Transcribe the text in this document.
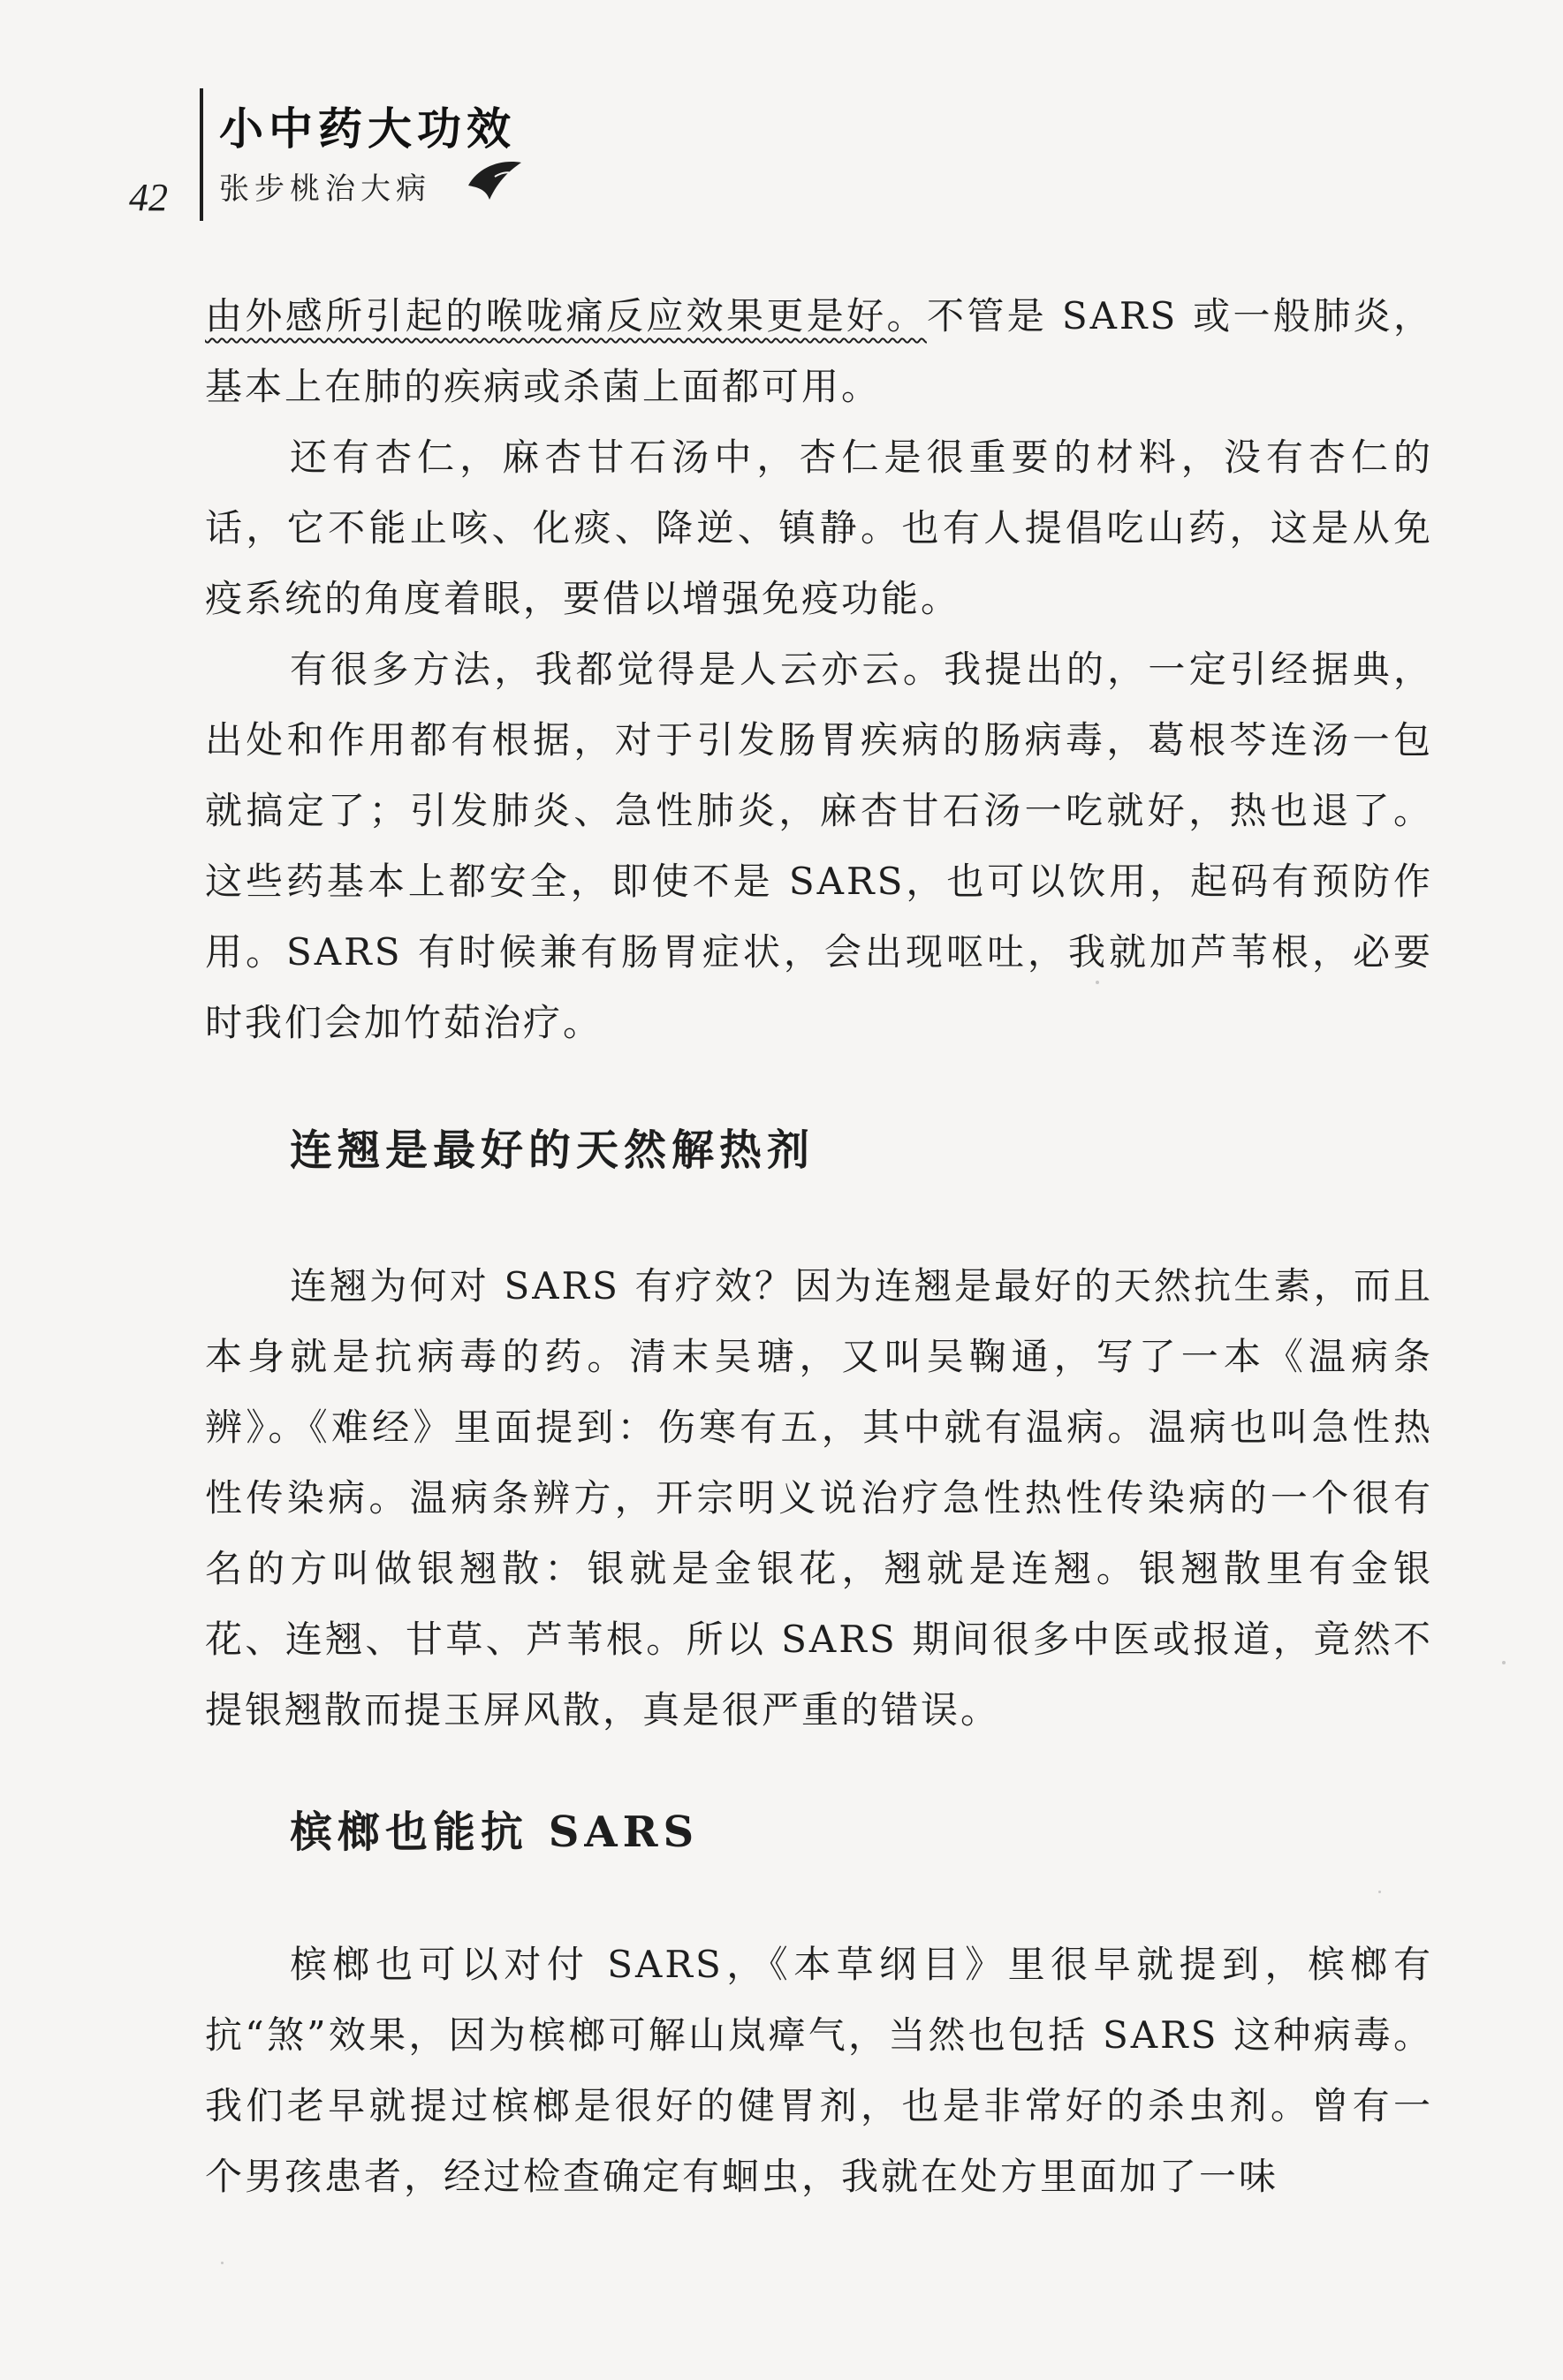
42
小中药大功效
张步桃治大病

由外感所引起的喉咙痛反应效果更是好。不管是 SARS 或一般肺炎，基本上在肺的疾病或杀菌上面都可用。

还有杏仁，麻杏甘石汤中，杏仁是很重要的材料，没有杏仁的话，它不能止咳、化痰、降逆、镇静。也有人提倡吃山药，这是从免疫系统的角度着眼，要借以增强免疫功能。

有很多方法，我都觉得是人云亦云。我提出的，一定引经据典，出处和作用都有根据，对于引发肠胃疾病的肠病毒，葛根芩连汤一包就搞定了；引发肺炎、急性肺炎，麻杏甘石汤一吃就好，热也退了。这些药基本上都安全，即使不是 SARS，也可以饮用，起码有预防作用。SARS 有时候兼有肠胃症状，会出现呕吐，我就加芦苇根，必要时我们会加竹茹治疗。

连翘是最好的天然解热剂

连翘为何对 SARS 有疗效？因为连翘是最好的天然抗生素，而且本身就是抗病毒的药。清末吴瑭，又叫吴鞠通，写了一本《温病条辨》。《难经》里面提到：伤寒有五，其中就有温病。温病也叫急性热性传染病。温病条辨方，开宗明义说治疗急性热性传染病的一个很有名的方叫做银翘散：银就是金银花，翘就是连翘。银翘散里有金银花、连翘、甘草、芦苇根。所以 SARS 期间很多中医或报道，竟然不提银翘散而提玉屏风散，真是很严重的错误。

槟榔也能抗 SARS

槟榔也可以对付 SARS，《本草纲目》里很早就提到，槟榔有抗“煞”效果，因为槟榔可解山岚瘴气，当然也包括 SARS 这种病毒。我们老早就提过槟榔是很好的健胃剂，也是非常好的杀虫剂。曾有一个男孩患者，经过检查确定有蛔虫，我就在处方里面加了一味
